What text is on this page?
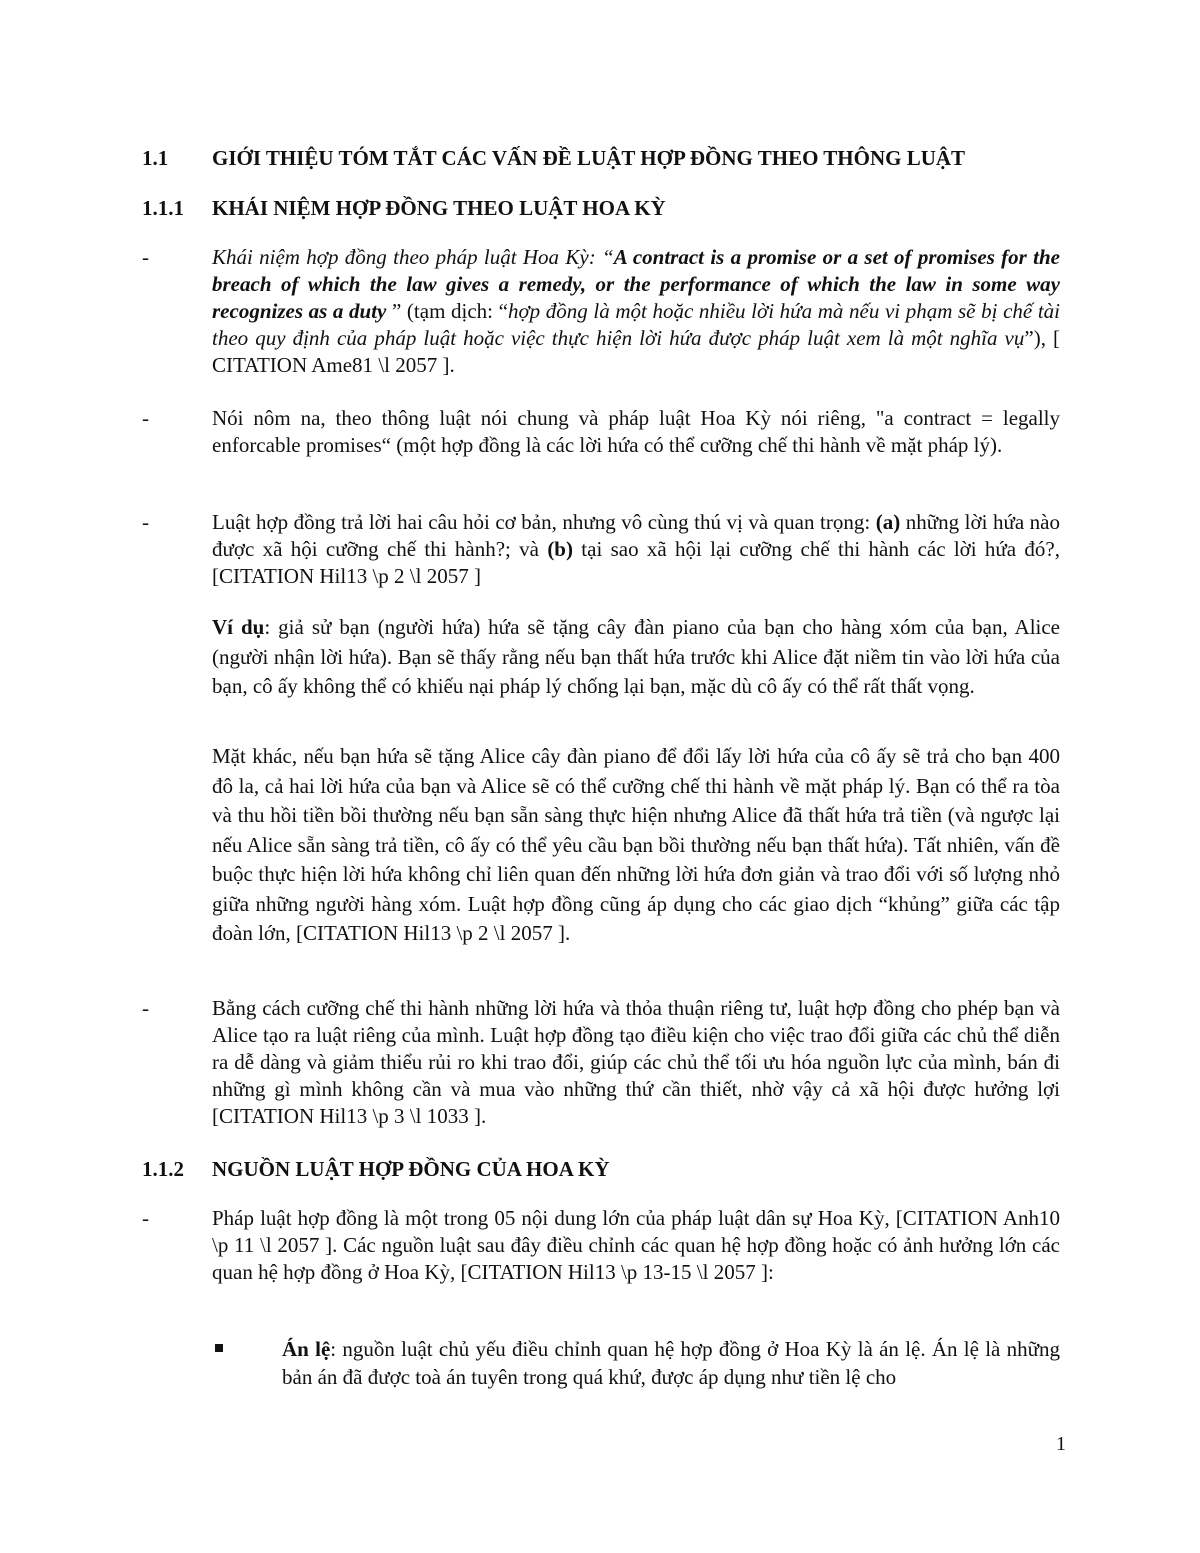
1.1 GIỚI THIỆU TÓM TẮT CÁC VẤN ĐỀ LUẬT HỢP ĐỒNG THEO THÔNG LUẬT
1.1.1 KHÁI NIỆM HỢP ĐỒNG THEO LUẬT HOA KỲ
-	Khái niệm hợp đồng theo pháp luật Hoa Kỳ: “A contract is a promise or a set of promises for the breach of which the law gives a remedy, or the performance of which the law in some way recognizes as a duty ” (tạm dịch: “hợp đồng là một hoặc nhiều lời hứa mà nếu vi phạm sẽ bị chế tài theo quy định của pháp luật hoặc việc thực hiện lời hứa được pháp luật xem là một nghĩa vụ”), [ CITATION Ame81 \l 2057 ].
-	Nói nôm na, theo thông luật nói chung và pháp luật Hoa Kỳ nói riêng, "a contract = legally enforcable promises“ (một hợp đồng là các lời hứa có thể cưỡng chế thi hành về mặt pháp lý).
-	Luật hợp đồng trả lời hai câu hỏi cơ bản, nhưng vô cùng thú vị và quan trọng: (a) những lời hứa nào được xã hội cưỡng chế thi hành?; và (b) tại sao xã hội lại cưỡng chế thi hành các lời hứa đó?, [CITATION Hil13 \p 2 \l 2057 ]
Ví dụ: giả sử bạn (người hứa) hứa sẽ tặng cây đàn piano của bạn cho hàng xóm của bạn, Alice (người nhận lời hứa). Bạn sẽ thấy rằng nếu bạn thất hứa trước khi Alice đặt niềm tin vào lời hứa của bạn, cô ấy không thể có khiếu nại pháp lý chống lại bạn, mặc dù cô ấy có thể rất thất vọng.
Mặt khác, nếu bạn hứa sẽ tặng Alice cây đàn piano để đổi lấy lời hứa của cô ấy sẽ trả cho bạn 400 đô la, cả hai lời hứa của bạn và Alice sẽ có thể cưỡng chế thi hành về mặt pháp lý. Bạn có thể ra tòa và thu hồi tiền bồi thường nếu bạn sẵn sàng thực hiện nhưng Alice đã thất hứa trả tiền (và ngược lại nếu Alice sẵn sàng trả tiền, cô ấy có thể yêu cầu bạn bồi thường nếu bạn thất hứa). Tất nhiên, vấn đề buộc thực hiện lời hứa không chỉ liên quan đến những lời hứa đơn giản và trao đổi với số lượng nhỏ giữa những người hàng xóm. Luật hợp đồng cũng áp dụng cho các giao dịch “khủng” giữa các tập đoàn lớn, [CITATION Hil13 \p 2 \l 2057 ].
-	Bằng cách cưỡng chế thi hành những lời hứa và thỏa thuận riêng tư, luật hợp đồng cho phép bạn và Alice tạo ra luật riêng của mình. Luật hợp đồng tạo điều kiện cho việc trao đổi giữa các chủ thể diễn ra dễ dàng và giảm thiểu rủi ro khi trao đổi, giúp các chủ thể tối ưu hóa nguồn lực của mình, bán đi những gì mình không cần và mua vào những thứ cần thiết, nhờ vậy cả xã hội được hưởng lợi [CITATION Hil13 \p 3 \l 1033 ].
1.1.2 NGUỒN LUẬT HỢP ĐỒNG CỦA HOA KỲ
-	Pháp luật hợp đồng là một trong 05 nội dung lớn của pháp luật dân sự Hoa Kỳ, [CITATION Anh10 \p 11 \l 2057 ]. Các nguồn luật sau đây điều chỉnh các quan hệ hợp đồng hoặc có ảnh hưởng lớn các quan hệ hợp đồng ở Hoa Kỳ, [CITATION Hil13 \p 13-15 \l 2057 ]:
Án lệ: nguồn luật chủ yếu điều chỉnh quan hệ hợp đồng ở Hoa Kỳ là án lệ. Án lệ là những bản án đã được toà án tuyên trong quá khứ, được áp dụng như tiền lệ cho
1
